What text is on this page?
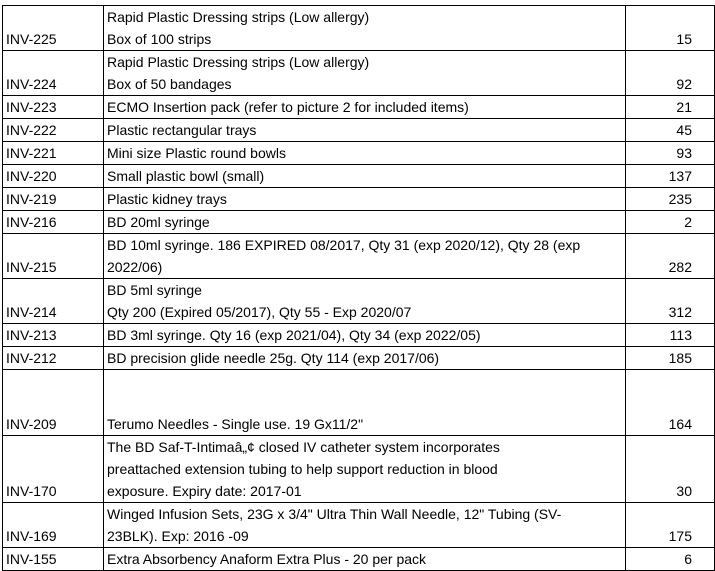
INV-225	Rapid Plastic Dressing strips (Low allergy)
Box of 100 strips	15
INV-224	Rapid Plastic Dressing strips (Low allergy)
Box of 50 bandages	92
INV-223	ECMO Insertion pack (refer to picture 2 for included items)	21
INV-222	Plastic rectangular trays	45
INV-221	Mini size Plastic round bowls	93
INV-220	Small plastic bowl (small)	137
INV-219	Plastic kidney trays	235
INV-216	BD 20ml syringe	2
INV-215	BD 10ml syringe. 186 EXPIRED 08/2017, Qty 31 (exp 2020/12), Qty 28 (exp
2022/06)	282
INV-214	BD 5ml syringe
Qty 200 (Expired 05/2017), Qty 55 - Exp 2020/07	312
INV-213	BD 3ml syringe. Qty 16 (exp 2021/04), Qty 34 (exp 2022/05)	113
INV-212	BD precision glide needle 25g. Qty 114 (exp 2017/06)	185
INV-209	Terumo Needles - Single use. 19 Gx11/2"	164
INV-170	The BD Saf-T-Intimaâ„¢ closed IV catheter system incorporates
preattached extension tubing to help support reduction in blood
exposure. Expiry date: 2017-01	30
INV-169	Winged Infusion Sets, 23G x 3/4" Ultra Thin Wall Needle, 12" Tubing (SV-
23BLK). Exp: 2016 -09	175
INV-155	Extra Absorbency Anaform Extra Plus - 20 per pack	6
